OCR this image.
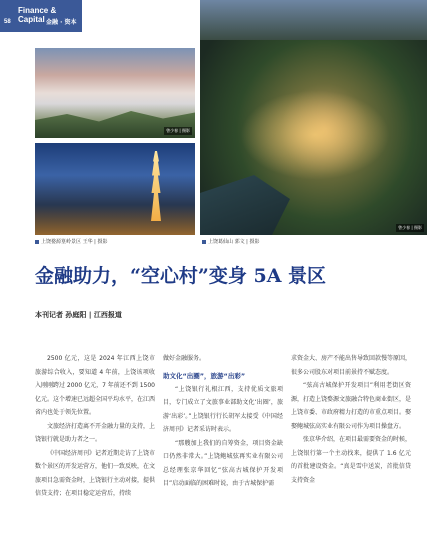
58
Finance &
Capital 金融 · 资本
曾少春 | 摄影
曾少春 | 摄影
上饶婺源篁岭景区 王华 | 摄影	上饶葛仙山 郭文 | 摄影
金融助力，“空心村”变身 5A 景区
本刊记者 孙庭阳 | 江西报道

2500 亿元，这是 2024 年江西上饶市旅游综合收入，要知道 4 年前，上饶该项收入刚刚跨过 2000 亿元，7 年前还不到 1500 亿元。这个增速已远超全国平均水平，在江西省内也处于领先位置。

文旅经济打造离不开金融力量的支持，上饶银行就是助力者之一。

《中国经济周刊》记者近期走访了上饶市数个景区的开发运营方，他们一致反映，在文旅项目急需资金时，上饶银行主动对接，提供信贷支持；在项目稳定运营后，持续

做好金融服务。

助文化“出圈”，旅游“出彩”

“上饶银行礼根江西，支持优质文旅项目，专门成立了文旅事业部助文化‘出圈’，旅游‘出彩’。”上饶银行行长胡军太接受《中国经济周刊》记者采访时表示。

“那艘加上我们的自筹资金，项目资金缺口仍然非常大。”上饶鲍城弦再实业有限公司总经理张京华回忆“弦高古城保护开发项目”启动面临的困难时说，由于古城保护需

求资金大、房产不能出售导致回款慢等原因，很多公司股东对项目前景持不赋态度。

“弦高古城保护开发项目”利用老街区资源，打造上饶婺源文旅融合特色商业街区，是上饶市委、市政府精力打造的市重点项目。娶娶鲍城弦高实业有限公司作为项目操盘方。

张京华介绍，在项目最需要资金的时候，上饶银行第一个主动找来，提供了 1.6 亿元的首批建设资金。“真是雪中送炭，首批信贷支持资金
